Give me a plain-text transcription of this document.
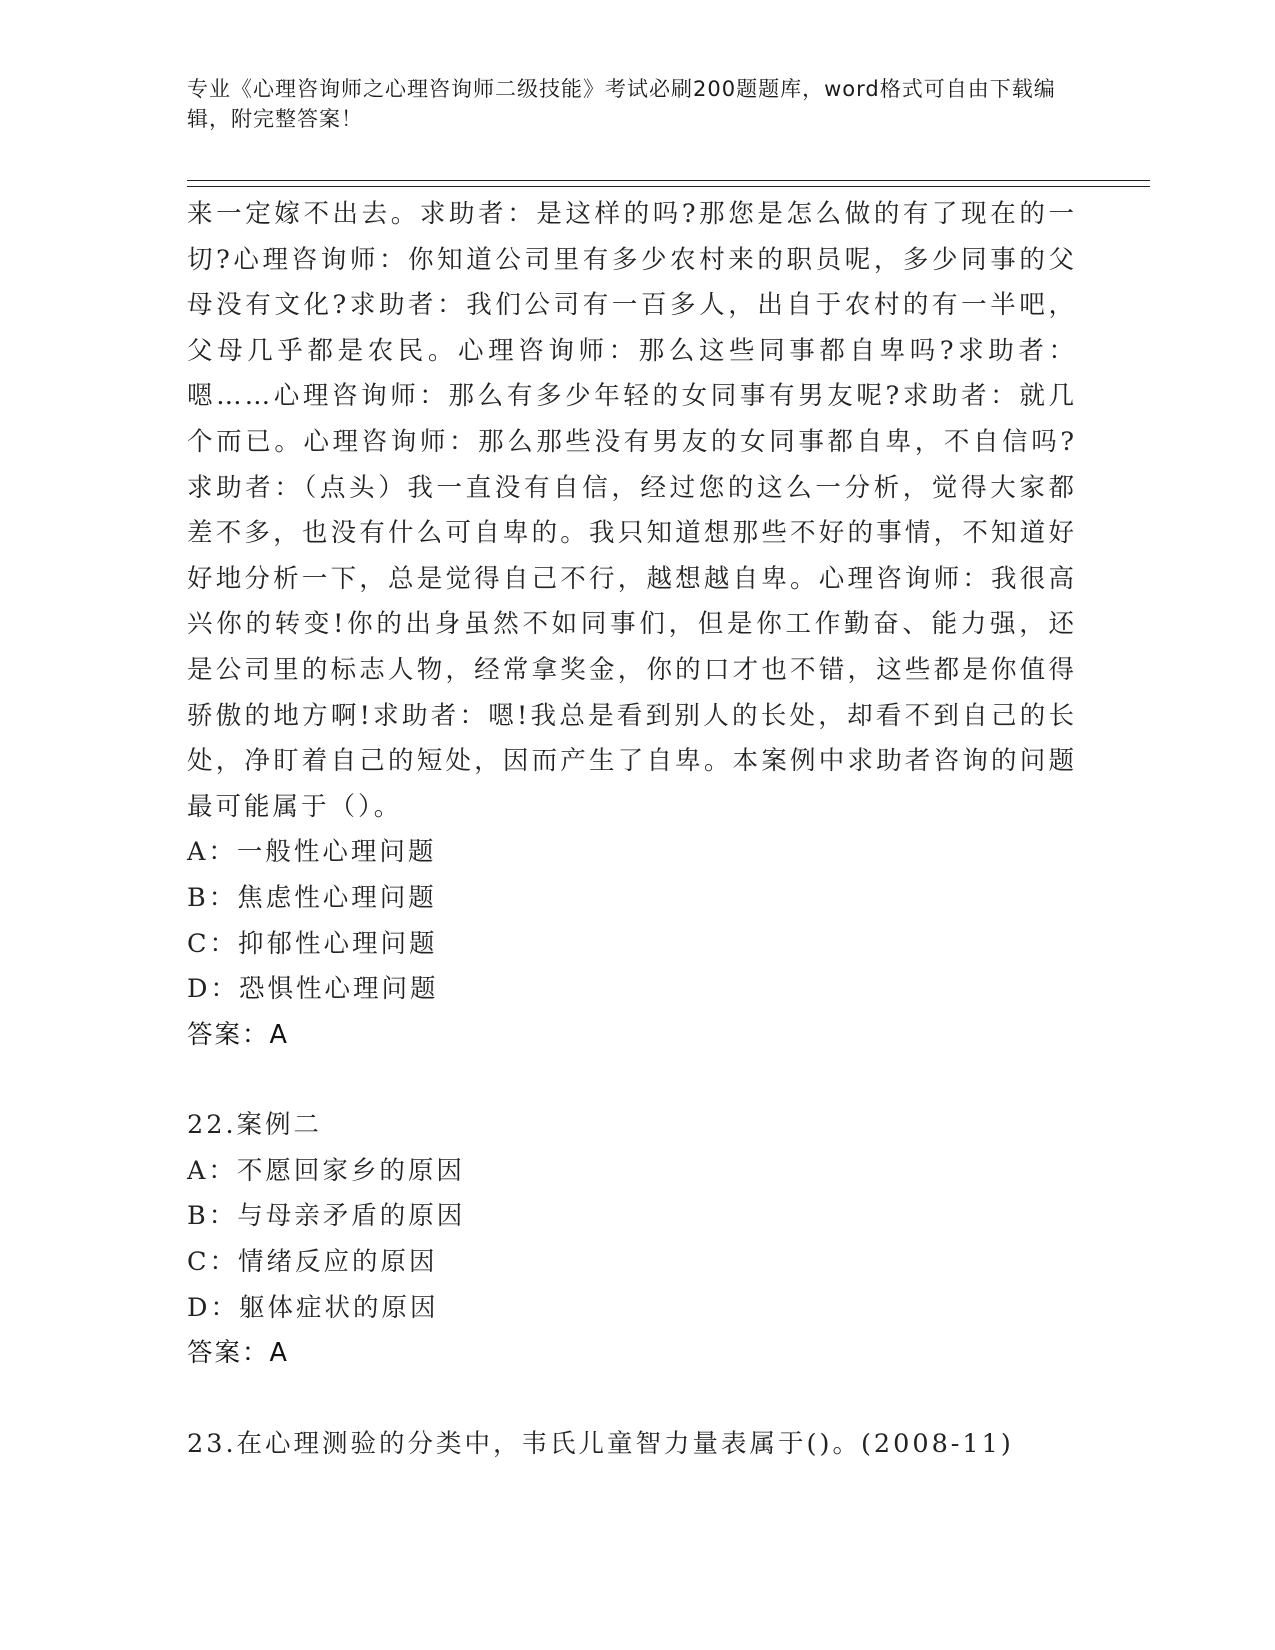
专业《心理咨询师之心理咨询师二级技能》考试必刷200题题库，word格式可自由下载编辑，附完整答案！

来一定嫁不出去。求助者：是这样的吗?那您是怎么做的有了现在的一切?心理咨询师：你知道公司里有多少农村来的职员呢，多少同事的父母没有文化?求助者：我们公司有一百多人，出自于农村的有一半吧，父母几乎都是农民。心理咨询师：那么这些同事都自卑吗?求助者：嗯……心理咨询师：那么有多少年轻的女同事有男友呢?求助者：就几个而已。心理咨询师：那么那些没有男友的女同事都自卑，不自信吗?求助者：（点头）我一直没有自信，经过您的这么一分析，觉得大家都差不多，也没有什么可自卑的。我只知道想那些不好的事情，不知道好好地分析一下，总是觉得自己不行，越想越自卑。心理咨询师：我很高兴你的转变!你的出身虽然不如同事们，但是你工作勤奋、能力强，还是公司里的标志人物，经常拿奖金，你的口才也不错，这些都是你值得骄傲的地方啊!求助者：嗯!我总是看到别人的长处，却看不到自己的长处，净盯着自己的短处，因而产生了自卑。本案例中求助者咨询的问题最可能属于（）。

A：一般性心理问题

B：焦虑性心理问题

C：抑郁性心理问题

D：恐惧性心理问题

答案：A

22.案例二

A：不愿回家乡的原因

B：与母亲矛盾的原因

C：情绪反应的原因

D：躯体症状的原因

答案：A

23.在心理测验的分类中，韦氏儿童智力量表属于()。(2008-11)
